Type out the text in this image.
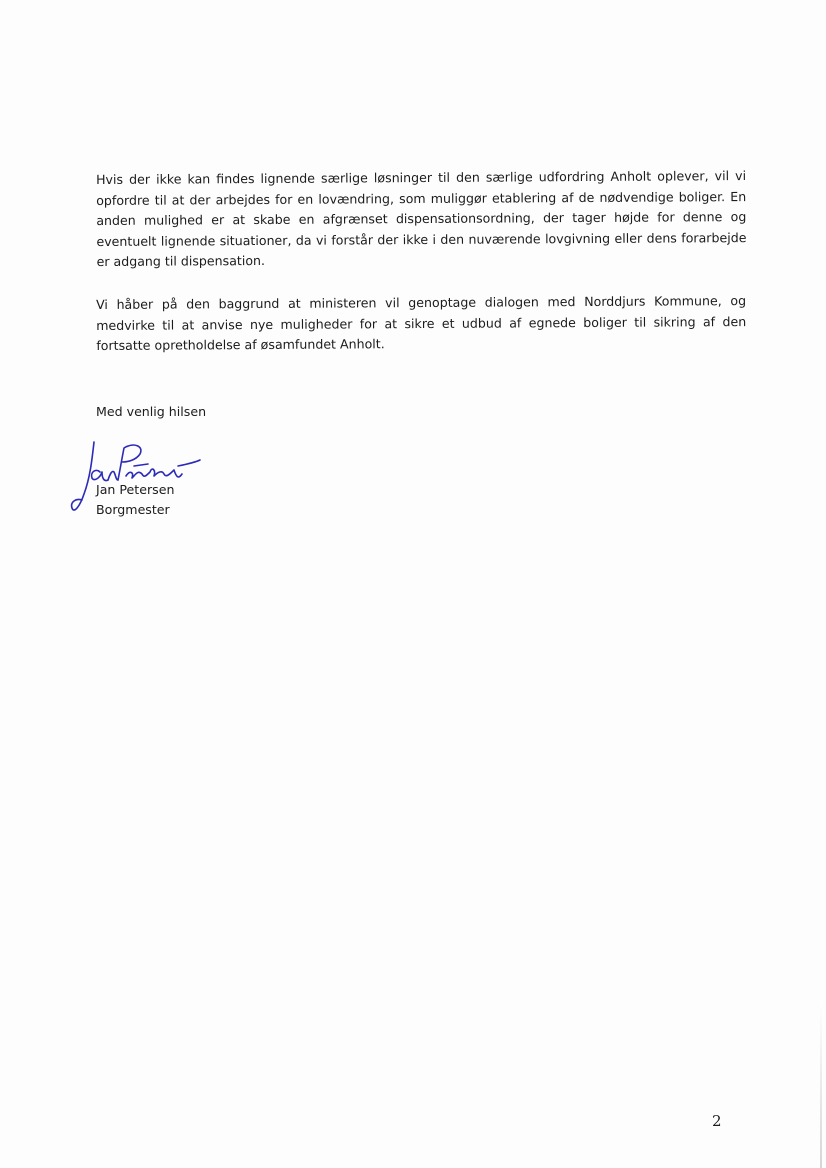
Hvis der ikke kan findes lignende særlige løsninger til den særlige udfordring Anholt oplever, vil vi opfordre til at der arbejdes for en lovændring, som muliggør etablering af de nødvendige boliger. En anden mulighed er at skabe en afgrænset dispensationsordning, der tager højde for denne og eventuelt lignende situationer, da vi forstår der ikke i den nuværende lovgivning eller dens forarbejde er adgang til dispensation.

Vi håber på den baggrund at ministeren vil genoptage dialogen med Norddjurs Kommune, og medvirke til at anvise nye muligheder for at sikre et udbud af egnede boliger til sikring af den fortsatte opretholdelse af øsamfundet Anholt.

Med venlig hilsen
Jan Petersen
Borgmester
2
